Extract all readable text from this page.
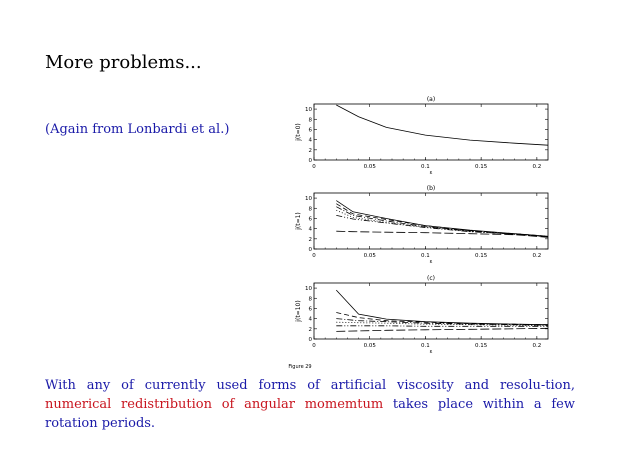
More problems...
(Again from Lonbardi et al.)
(a)
0	0.05	0.1	0.15	0.2
0
2
4
6
8
10
ε
j(t=0)
(b)
0	0.05	0.1	0.15	0.2
0
2
4
6
8
10
ε
j(t=1)
(c)
0	0.05	0.1	0.15	0.2
0
2
4
6
8
10
ε
j(t=10)
Figure 29
With any of currently used forms of artificial viscosity and resolu-tion, numerical redistribution of angular momemtum takes place within a few rotation periods.
